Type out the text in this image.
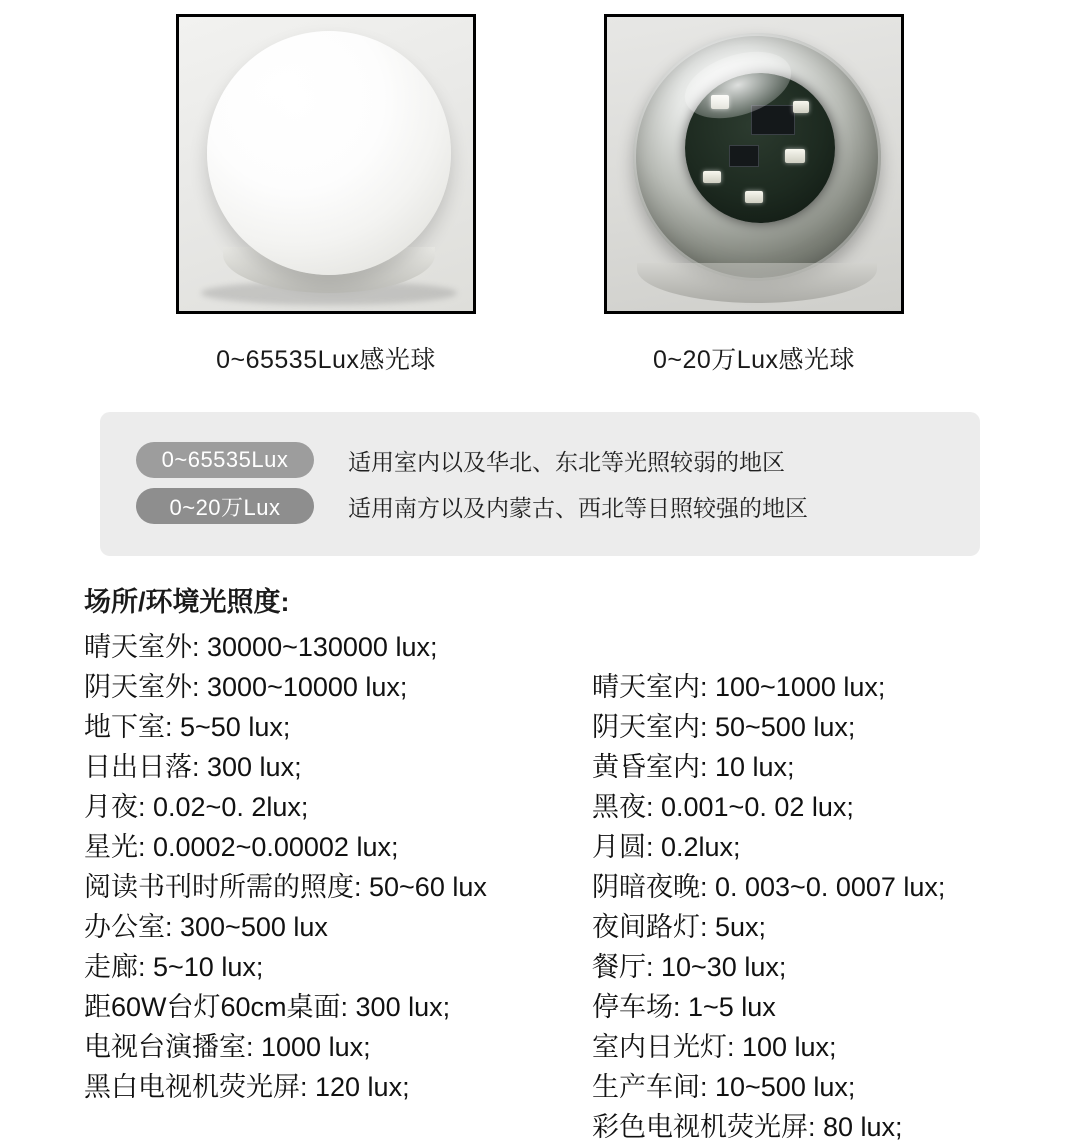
0~65535Lux感光球	0~20万Lux感光球
0~65535Lux	适用室内以及华北、东北等光照较弱的地区
0~20万Lux	适用南方以及内蒙古、西北等日照较强的地区
场所/环境光照度:
晴天室外: 30000~130000 lux;
阴天室外: 3000~10000 lux;
地下室: 5~50 lux;
日出日落: 300 lux;
月夜: 0.02~0. 2lux;
星光: 0.0002~0.00002 lux;
阅读书刊时所需的照度: 50~60 lux
办公室: 300~500 lux
走廊: 5~10 lux;
距60W台灯60cm桌面: 300 lux;
电视台演播室: 1000 lux;
黑白电视机荧光屏: 120 lux;
晴天室内: 100~1000 lux;
阴天室内: 50~500 lux;
黄昏室内: 10 lux;
黑夜: 0.001~0. 02 lux;
月圆: 0.2lux;
阴暗夜晚: 0. 003~0. 0007 lux;
夜间路灯: 5ux;
餐厅: 10~30 lux;
停车场: 1~5 lux
室内日光灯: 100 lux;
生产车间: 10~500 lux;
彩色电视机荧光屏: 80 lux;
